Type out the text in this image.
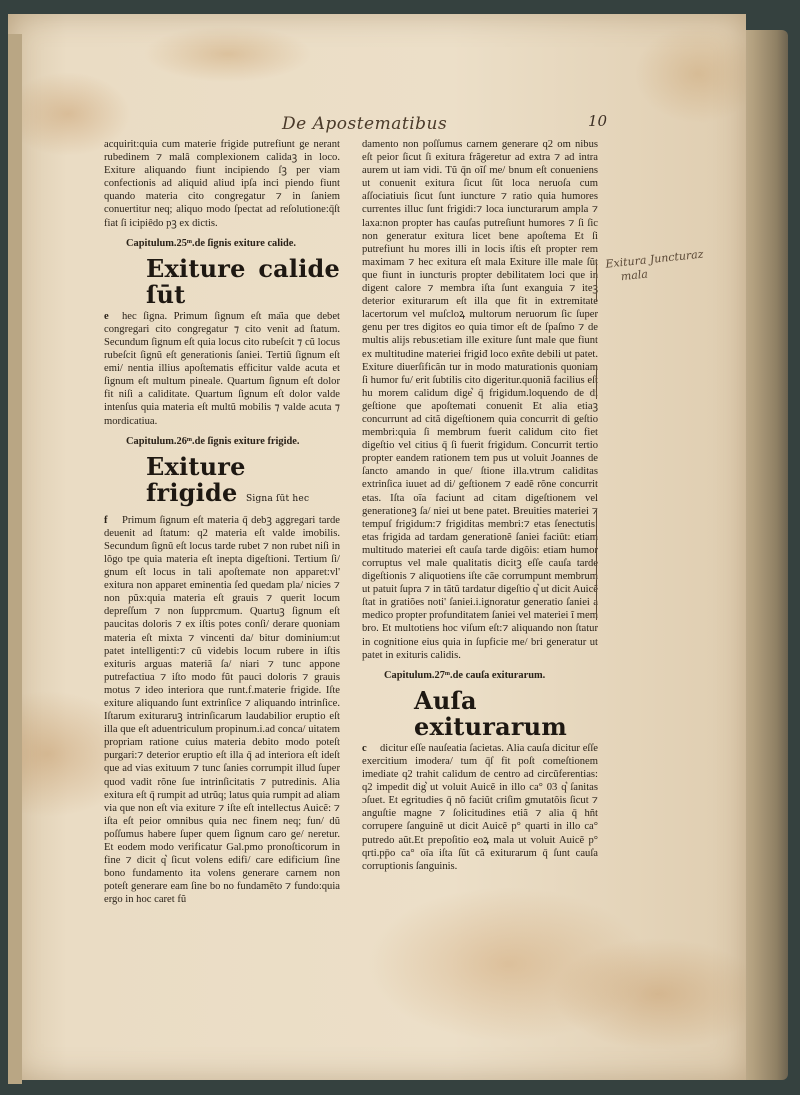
De Apostematibus	10

acquirit:quia cum materie frigide putrefiunt ge nerant rubedinem ⁊ malâ complexionem calidaꝫ in loco. Exiture aliquando fiunt incipiendo ſꝫ per viam confectionis ad aliquid aliud ipſa inci piendo fiunt quando materia cito congregatur ⁊ in ſaniem conuertitur neq; aliquo modo ſpectat ad reſolutione:q̄ſt fiat ſi icipiêdo pꝫ ex dictis.

Capitulum.25ᵐ.de ſignis exiture calide.

Exiture calide ſūt

e hec ſigna. Primum ſignum eſt ma͂ia que debet congregari cito congregatur ⁊ cito venit ad ſtatum. Secundum ſignum eſt quia locus cito rubeſcit ⁊ cũ locus rubeſcit ſignũ eſt generationis ſaniei. Tertiũ ſignum eſt emi/ nentia illius apoſtematis efficitur valde acuta et ſignum eſt multum pineale. Quartum ſignum eſt dolor fit niſi a caliditate. Quartum ſignum eſt dolor valde intenſus quia materia eſt multũ mobilis ⁊ valde acuta ⁊ mordicatiua.

Capitulum.26ᵐ.de ſignis exiture frigide.

Exiture frigide Signa ſūt hec

f Primum ſignum eſt materia q̄ debꝫ aggregari tarde deuenit ad ſtatum: q2 materia eſt valde imobilis. Secundum ſignũ eſt locus tarde rubet ⁊ non rubet niſi in lõgo tpe quia materia eſt inepta digeſtioni. Tertium ſi/ gnum eſt locus in tali apoſtemate non apparet:vl' exitura non apparet eminentia ſed quedam pla/ nicies ⁊ non pũx:quia materia eſt grauis ⁊ querit locum depreſſum ⁊ non ſupprcmum. Quartuꝫ ſignum eſt paucitas doloris ⁊ ex iſtis potes conſi/ derare quoniam materia eſt mixta ⁊ vincenti da/ bitur dominium:ut patet intelligenti:⁊ cũ videbis locum rubere in iſtis exituris arguas materiã ſa/ niari ⁊ tunc appone putrefactiua ⁊ iſto modo fũt pauci doloris ⁊ grauis motus ⁊ ideo interiora que runt.f.materie frigide. Iſte exiture aliquando ſunt extrinſice ⁊ aliquando intrinſice. Iſtarum exituraruꝫ intrinſicarum laudabilior eruptio eſt illa que eſt aduentriculum propinum.i.ad conca/ uitatem propriam ratione cuius materia debito modo poteſt purgari:⁊ deterior eruptio eſt illa q̄ ad interiora eſt ideſt que ad vias exituum ⁊ tunc ſanies corrumpit illud ſuper quod vadit rõne ſue intrinſicitatis ⁊ putredinis. Alia exitura eſt q̄ rumpit ad utrũq; latus quia rumpit ad aliam via que non eſt via exiture ⁊ iſte eſt intellectus Auicẽ: ⁊ iſta eſt peior omnibus quia nec finem neq; fun/ dũ poſſumus habere ſuper quem ſignum caro ge/ neretur. Et eodem modo verificatur Gal.pmo pronoſticorum in fine ⁊ dicit q͛ ſicut volens edifi/ care edificium ſine bono fundamento ita volens generare carnem non poteſt generare eam ſine bo no fundamẽto ⁊ fundo:quia ergo in hoc caret fũ

damento non poſſumus carnem generare q2 om nibus eſt peior ſicut ſi exitura frãgeretur ad extra ⁊ ad intra aurem ut iam vidi. Tũ q̄n oĩſ me/ bnum eſt conueniens ut conuenit exitura ſicut ſũt loca neruoſa cum aſſociatiuis ſicut ſunt iuncture ⁊ ratio quia humores currentes illuc ſunt frigidi:⁊ loca iuncturarum ampla ⁊ laxa:non propter has cauſas putreſiunt humores ⁊ ſi ſic non generatur exitura licet bene apoſtema Et ſi putrefiunt hu mores illi in locis iſtis eſt propter rem maximam ⁊ hec exitura eſt mala Exiture ille male ſũt que fiunt in iuncturis propter debilitatem loci que in digent calore ⁊ membra iſta ſunt exanguia ⁊ iteꝫ deterior exiturarum eſt illa que fit in extremitate lacertorum vel muſcloꝝ multorum neruorum ſic ſuper genu per tres digitos eo quia timor eſt de ſpaſmo ⁊ de multis alijs rebus:etiam ille exiture ſunt male que fiunt ex multitudine materiei frigiđ loco exñte debili ut patet. Exiture diuerſificãn tur in modo maturationis quoniam ſi humor fu/ erit ſubtilis cito digeritur.quoniã facilius eſt hu morem calidum dige͛ q̄ frigidum.loquendo de di geſtione que apoſtemati conuenit Et alia etiaꝫ concurrunt ad citã digeſtionem quia concurrit di geſtio membri:quia ſi membrum fuerit calidum cito fiet digeſtio vel citius q̄ ſi fuerit frigidum. Concurrit tertio propter eandem rationem tem pus ut voluit Joannes de ſancto amando in que/ ſtione illa.vtrum caliditas extrinſica iuuet ad di/ geſtionem ⁊ eadẽ rõne concurrit etas. Iſta oĩa faciunt ad citam digeſtionem vel generationeꝫ ſa/ niei ut bene patet. Breuities materiei ⁊ tempuſ frigidum:⁊ frigiditas membri:⁊ etas ſenectutis: etas frigida ad tardam generationẽ ſaniei faciũt: etiam multitudo materiei eſt cauſa tarde digõis: etiam humor corruptus vel male qualitatis dicitꝫ eſſe cauſa tarde digeſtionis ⁊ aliquotiens iſte cãe corrumpunt membrum ut patuit ſupra ⁊ in tãtũ tardatur digeſtio q͛ ut dicit Auicẽ ſtat in gratiões noti' ſaniei.i.ignoratur generatio ſaniei a medico propter profunditatem ſaniei vel materiei ĩ mem bro. Et multotiens hoc viſum eſt:⁊ aliquando non ſtatur in cognitione eius quia in ſupficie me/ bri generatur ut patet in exituris calidis.

Capitulum.27ᵐ.de cauſa exiturarum.

Auſa exiturarum

c dicitur eſſe nauſeatia ſacietas. Alia cauſa dicitur eſſe exercitium imodera/ tum q̄ſ fit poſt comeſtionem imediate q2 trahit calidum de centro ad circũferentias: q2 impedit dig͛ ut voluit Auicẽ in illo ca° 03 q͛ ſanitas ɔſuet. Et egritudies q̄ nõ faciũt criſim gmutatõis ſicut ⁊ anguſtie magne ⁊ ſolicitudines etiã ⁊ alia q̄ hñt corrupere ſanguinẽ ut dicit Auicẽ p° quarti in illo ca° putredo aũt.Et prepoſitio eoꝝ mala ut voluit Auicẽ p° qrti.pp̄o ca° oĩa iſta ſũt cã exiturarum q̄ ſunt cauſa corruptionis ſanguinis.

Exitura Juncturaz
mala
